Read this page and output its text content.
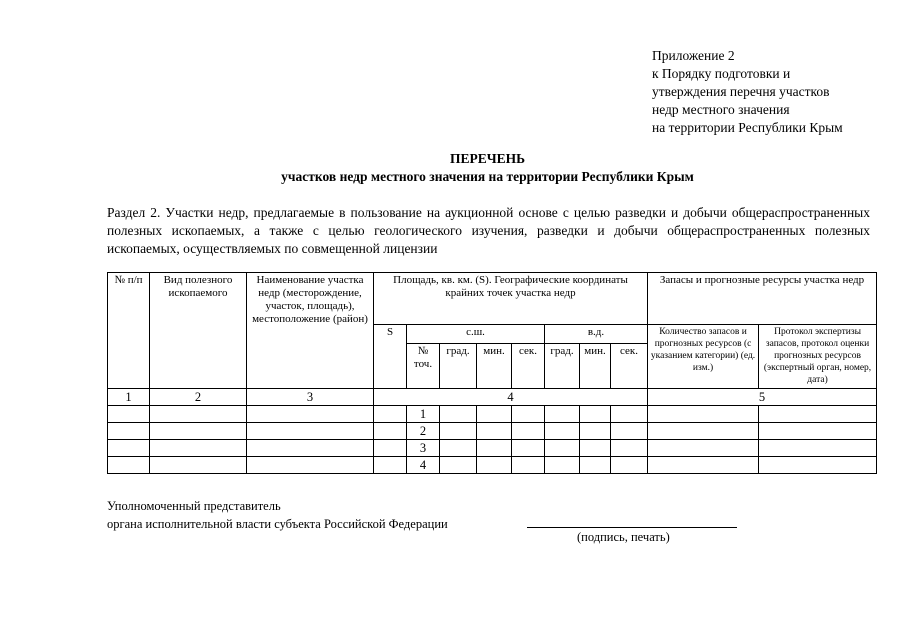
Приложение 2
к Порядку подготовки и
утверждения перечня участков
недр местного значения
на территории Республики Крым
ПЕРЕЧЕНЬ
участков недр местного значения на территории Республики Крым
Раздел 2. Участки недр, предлагаемые в пользование на аукционной основе с целью разведки и добычи общераспространенных полезных ископаемых, а также с целью геологического изучения, разведки и добычи общераспространенных полезных ископаемых, осуществляемых по совмещенной лицензии
№ п/п	Вид полезного ископаемого	Наименование участка недр (месторождение, участок, площадь), местоположение (район)	Площадь, кв. км. (S). Географические координаты крайних точек участка недр								Запасы и прогнозные ресурсы участка недр	
			S	с.ш.				в.д.			Количество запасов и прогнозных ресурсов (с указанием категории) (ед. изм.)	Протокол экспертизы запасов, протокол оценки прогнозных ресурсов (экспертный орган, номер, дата)
				№ точ.	град.	мин.	сек.	град.	мин.	сек.		
1	2	3	4								5	
				1								
				2								
				3								
				4								
Уполномоченный представитель
органа исполнительной власти субъекта Российской Федерации
(подпись, печать)
